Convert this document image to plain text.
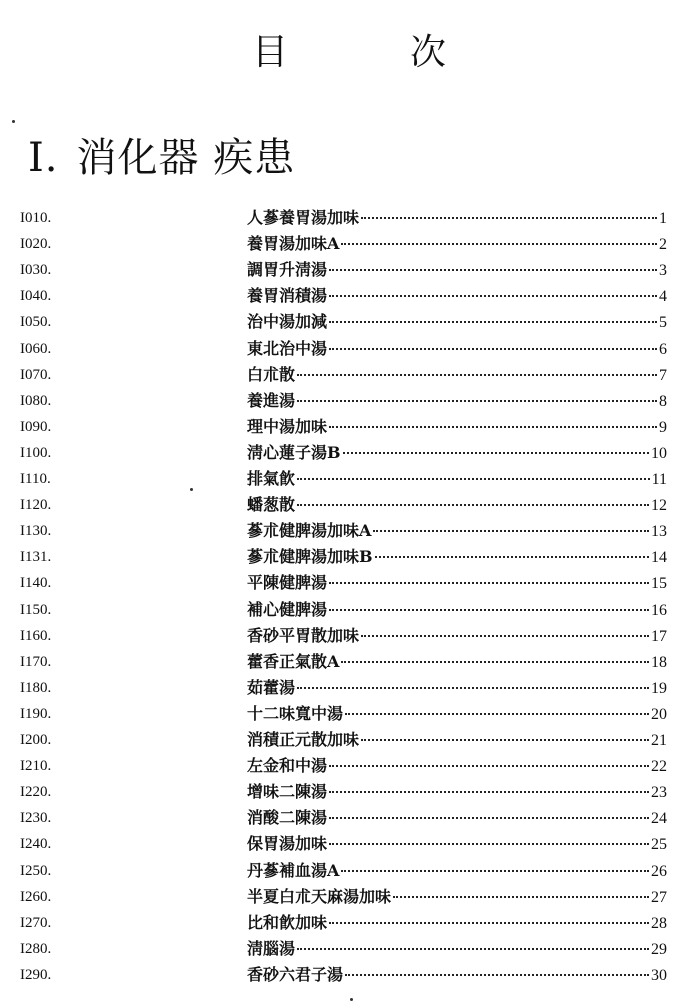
目	次
I. 消化器 疾患
I010.	人蔘養胃湯加味	1
I020.	養胃湯加味A	2
I030.	調胃升淸湯	3
I040.	養胃消積湯	4
I050.	治中湯加減	5
I060.	東北治中湯	6
I070.	白朮散	7
I080.	養進湯	8
I090.	理中湯加味	9
I100.	淸心蓮子湯B	10
I110.	排氣飮	11
I120.	蟠葱散	12
I130.	蔘朮健脾湯加味A	13
I131.	蔘朮健脾湯加味B	14
I140.	平陳健脾湯	15
I150.	補心健脾湯	16
I160.	香砂平胃散加味	17
I170.	藿香正氣散A	18
I180.	茹藿湯	19
I190.	十二味寬中湯	20
I200.	消積正元散加味	21
I210.	左金和中湯	22
I220.	增味二陳湯	23
I230.	消酸二陳湯	24
I240.	保胃湯加味	25
I250.	丹蔘補血湯A	26
I260.	半夏白朮天麻湯加味	27
I270.	比和飮加味	28
I280.	淸腦湯	29
I290.	香砂六君子湯	30
